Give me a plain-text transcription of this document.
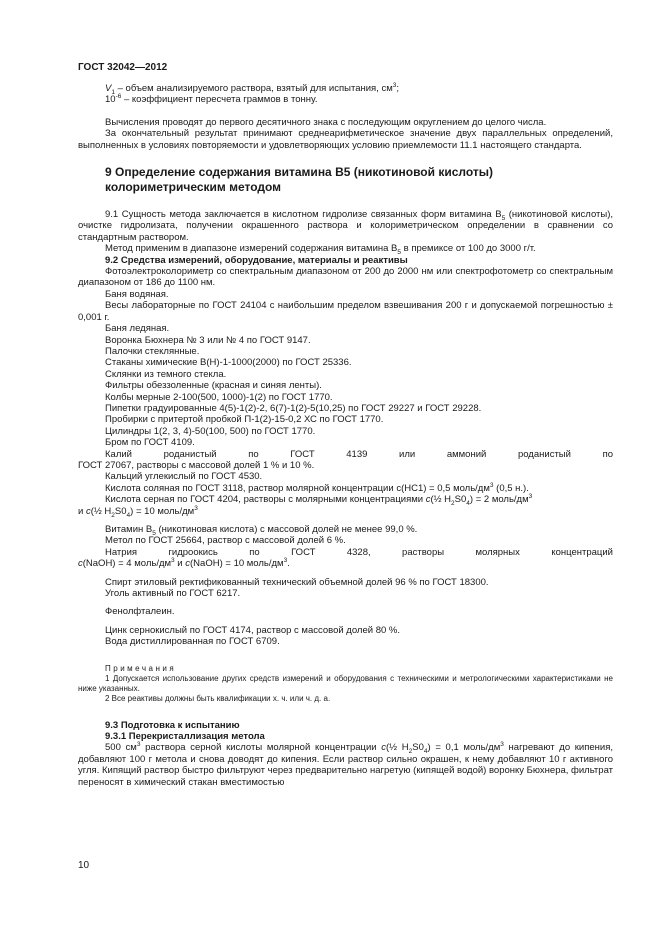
ГОСТ 32042—2012

$V_1$ – объем анализируемого раствора, взятый для испытания, $см^3$;

$10^{-6}$ – коэффициент пересчета граммов в тонну.

Вычисления проводят до первого десятичного знака с последующим округлением до целого числа.

За окончательный результат принимают среднеарифметическое значение двух параллельных определений, выполненных в условиях повторяемости и удовлетворяющих условию приемлемости 11.1 настоящего стандарта.

9 Определение содержания витамина В5 (никотиновой кислоты)
колориметрическим методом

9.1 Сущность метода заключается в кислотном гидролизе связанных форм витамина $В_5$ (никотиновой кислоты), очистке гидролизата, получении окрашенного раствора и колориметрическом определении в сравнении со стандартным раствором.

Метод применим в диапазоне измерений содержания витамина $В_5$ в премиксе от 100 до 3000 г/т.

9.2 Средства измерений, оборудование, материалы и реактивы

Фотоэлектроколориметр со спектральным диапазоном от 200 до 2000 нм или спектрофотометр со спектральным диапазоном от 186 до 1100 нм.

Баня водяная.

Весы лабораторные по ГОСТ 24104 с наибольшим пределом взвешивания 200 г и допускаемой погрешностью ± 0,001 г.

Баня ледяная.

Воронка Бюхнера № 3 или № 4 по ГОСТ 9147.

Палочки стеклянные.

Стаканы химические В(Н)-1-1000(2000) по ГОСТ 25336.

Склянки из темного стекла.

Фильтры обеззоленные (красная и синяя ленты).

Колбы мерные 2-100(500, 1000)-1(2) по ГОСТ 1770.

Пипетки градуированные 4(5)-1(2)-2, 6(7)-1(2)-5(10,25) по ГОСТ 29227 и ГОСТ 29228.

Пробирки с притертой пробкой П-1(2)-15-0,2 ХС по ГОСТ 1770.

Цилиндры 1(2, 3, 4)-50(100, 500) по ГОСТ 1770.

Бром по ГОСТ 4109.

Калий	роданистый	по	ГОСТ	4139	или	аммоний	роданистый	по

ГОСТ 27067, растворы с массовой долей 1 % и 10 %.

Кальций углекислый по ГОСТ 4530.

Кислота соляная по ГОСТ 3118, раствор молярной концентрации с(НС1) = 0,5 моль/$дм^3$ (0,5 н.).

Кислота серная по ГОСТ 4204, растворы с молярными концентрациями с(½ $H_2S0_4) = 2$ моль/$дм^3$

и с(½ $H_2S0_4) = 10$ моль/$дм^3$

Витамин $В_5$ (никотиновая кислота) с массовой долей не менее 99,0 %.

Метол по ГОСТ 25664, раствор с массовой долей 6 %.

Натрия	гидроокись	по	ГОСТ	4328,	растворы	молярных	концентраций

с(NaOH) = 4 моль/$дм^3$ и с(NaOH) = 10 моль/$дм^3$.

Спирт этиловый ректификованный технический объемной долей 96 % по ГОСТ 18300.

Уголь активный по ГОСТ 6217.

Фенолфталеин.

Цинк сернокислый по ГОСТ 4174, раствор с массовой долей 80 %.

Вода дистиллированная по ГОСТ 6709.

Примечания

1 Допускается использование других средств измерений и оборудования с техническими и метрологическими характеристиками не ниже указанных.

2 Все реактивы должны быть квалификации х. ч. или ч. д. а.

9.3 Подготовка к испытанию

9.3.1 Перекристаллизация метола

500 $см^3$ раствора серной кислоты молярной концентрации с(½ $H_2S0_4) = 0,1$ моль/$дм^3$ нагревают до кипения, добавляют 100 г метола и снова доводят до кипения. Если раствор сильно окрашен, к нему добавляют 10 г активного угля. Кипящий раствор быстро фильтруют через предварительно нагретую (кипящей водой) воронку Бюхнера, фильтрат переносят в химический стакан вместимостью

10
